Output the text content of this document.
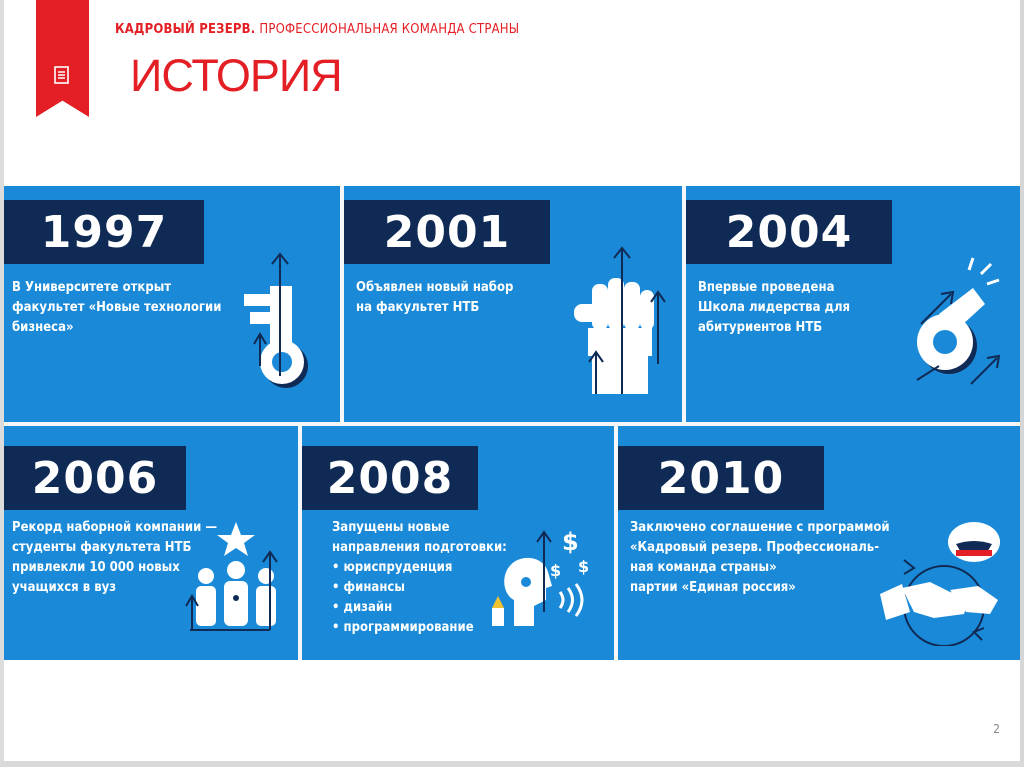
КАДРОВЫЙ РЕЗЕРВ. ПРОФЕССИОНАЛЬНАЯ КОМАНДА СТРАНЫ
ИСТОРИЯ
1997
В Университете открыт
факультет «Новые технологии
бизнеса»
2001
Объявлен новый набор
на факультет НТБ
2004
Впервые проведена
Школа лидерства для
абитуриентов НТБ
2006
Рекорд наборной компании —
студенты факультета НТБ
привлекли 10 000 новых
учащихся в вуз
2008
Запущены новые
направления подготовки:
• юриспруденция
• финансы
• дизайн
• программирование
$
$ $
2010
Заключено соглашение с программой
«Кадровый резерв. Профессиональ-
ная команда страны»
партии «Единая россия»
2
